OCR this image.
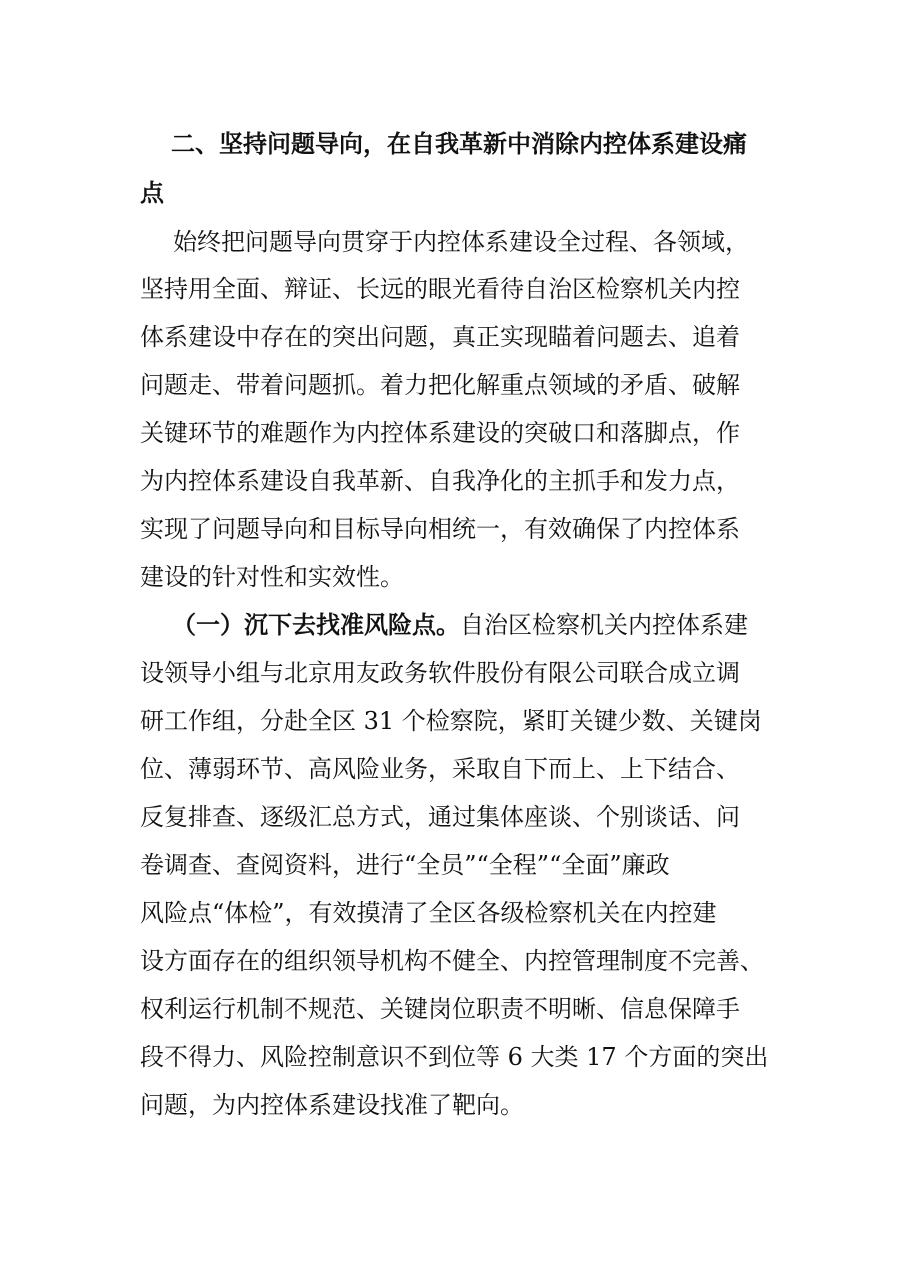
二、坚持问题导向，在自我革新中消除内控体系建设痛
点
始终把问题导向贯穿于内控体系建设全过程、各领域，
坚持用全面、辩证、长远的眼光看待自治区检察机关内控
体系建设中存在的突出问题，真正实现瞄着问题去、追着
问题走、带着问题抓。着力把化解重点领域的矛盾、破解
关键环节的难题作为内控体系建设的突破口和落脚点，作
为内控体系建设自我革新、自我净化的主抓手和发力点，
实现了问题导向和目标导向相统一，有效确保了内控体系
建设的针对性和实效性。
（一）沉下去找准风险点。自治区检察机关内控体系建
设领导小组与北京用友政务软件股份有限公司联合成立调
研工作组，分赴全区 31 个检察院，紧盯关键少数、关键岗
位、薄弱环节、高风险业务，采取自下而上、上下结合、
反复排查、逐级汇总方式，通过集体座谈、个别谈话、问
卷调查、查阅资料，进行“全员”“全程”“全面”廉政
风险点“体检”，有效摸清了全区各级检察机关在内控建
设方面存在的组织领导机构不健全、内控管理制度不完善、
权利运行机制不规范、关键岗位职责不明晰、信息保障手
段不得力、风险控制意识不到位等 6 大类 17 个方面的突出
问题，为内控体系建设找准了靶向。
